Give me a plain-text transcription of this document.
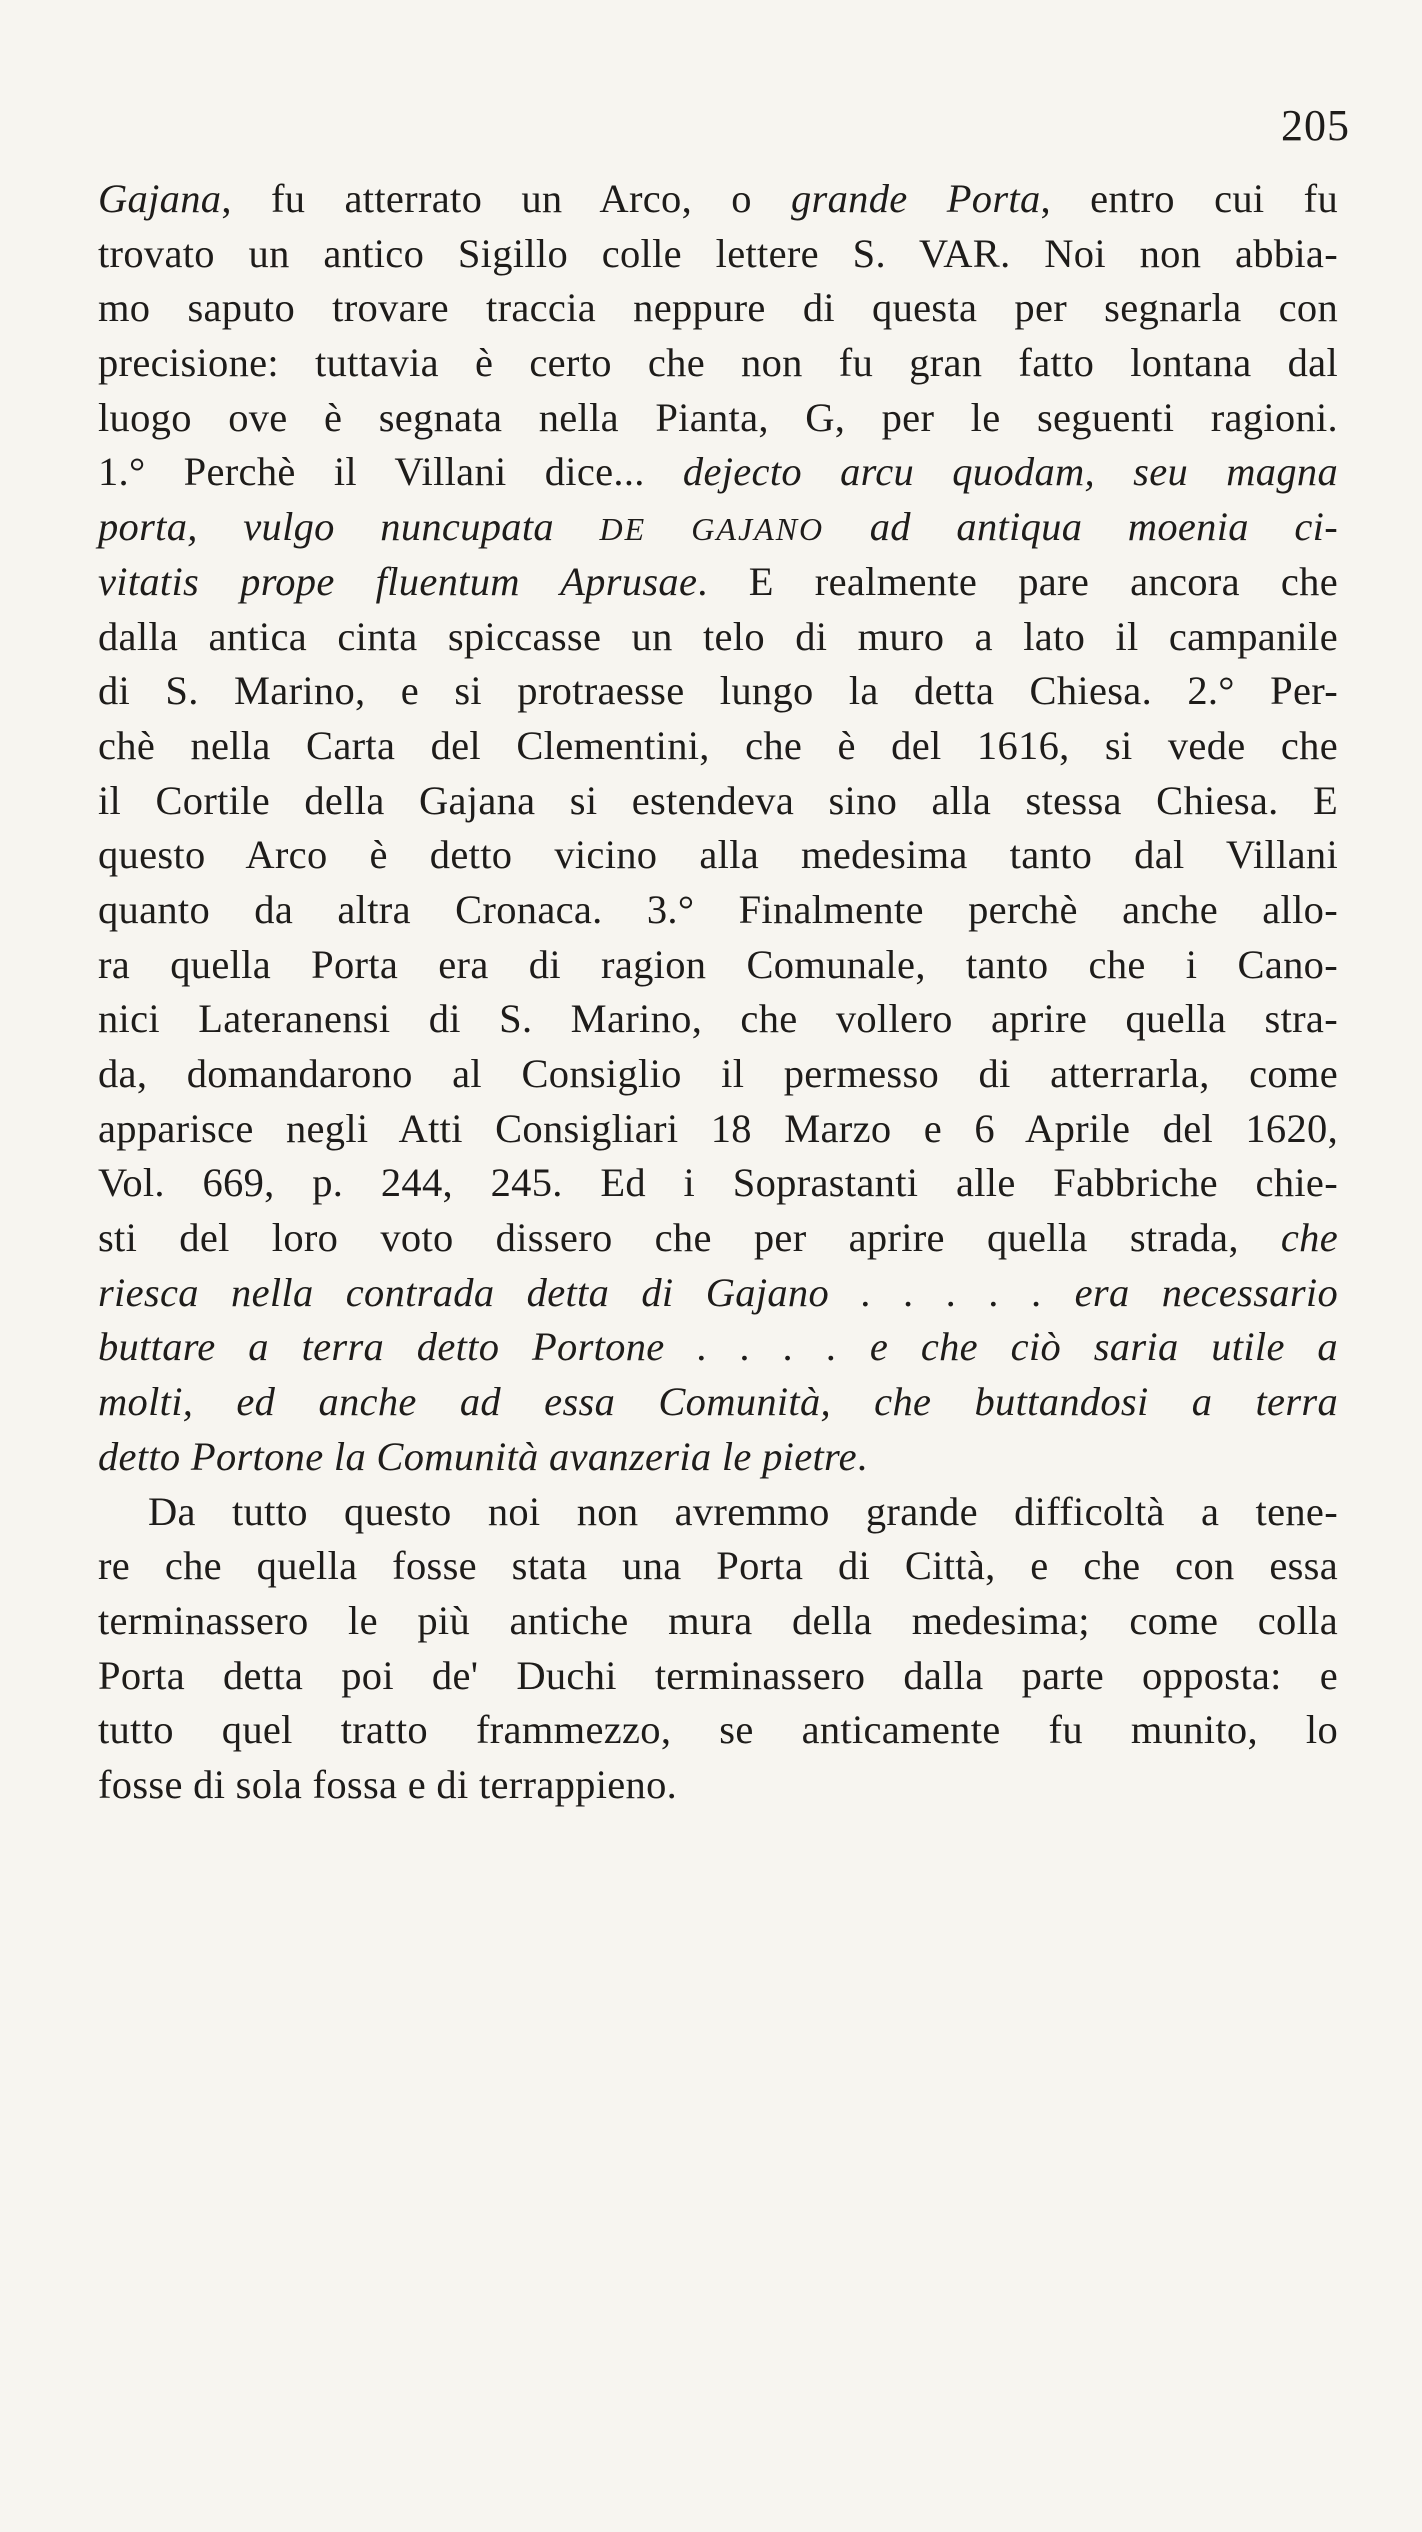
205
Gajana, fu atterrato un Arco, o grande Porta, entro cui fu
trovato un antico Sigillo colle lettere S. VAR. Noi non abbia-
mo saputo trovare traccia neppure di questa per segnarla con
precisione: tuttavia è certo che non fu gran fatto lontana dal
luogo ove è segnata nella Pianta, G, per le seguenti ragioni.
1.° Perchè il Villani dice... dejecto arcu quodam, seu magna
porta, vulgo nuncupata DE GAJANO ad antiqua moenia ci-
vitatis prope fluentum Aprusae. E realmente pare ancora che
dalla antica cinta spiccasse un telo di muro a lato il campanile
di S. Marino, e si protraesse lungo la detta Chiesa. 2.° Per-
chè nella Carta del Clementini, che è del 1616, si vede che
il Cortile della Gajana si estendeva sino alla stessa Chiesa. E
questo Arco è detto vicino alla medesima tanto dal Villani
quanto da altra Cronaca. 3.° Finalmente perchè anche allo-
ra quella Porta era di ragion Comunale, tanto che i Cano-
nici Lateranensi di S. Marino, che vollero aprire quella stra-
da, domandarono al Consiglio il permesso di atterrarla, come
apparisce negli Atti Consigliari 18 Marzo e 6 Aprile del 1620,
Vol. 669, p. 244, 245. Ed i Soprastanti alle Fabbriche chie-
sti del loro voto dissero che per aprire quella strada, che
riesca nella contrada detta di Gajano . . . . . era necessario
buttare a terra detto Portone . . . . e che ciò saria utile a
molti, ed anche ad essa Comunità, che buttandosi a terra
detto Portone la Comunità avanzeria le pietre.
Da tutto questo noi non avremmo grande difficoltà a tene-
re che quella fosse stata una Porta di Città, e che con essa
terminassero le più antiche mura della medesima; come colla
Porta detta poi de' Duchi terminassero dalla parte opposta: e
tutto quel tratto frammezzo, se anticamente fu munito, lo
fosse di sola fossa e di terrappieno.
